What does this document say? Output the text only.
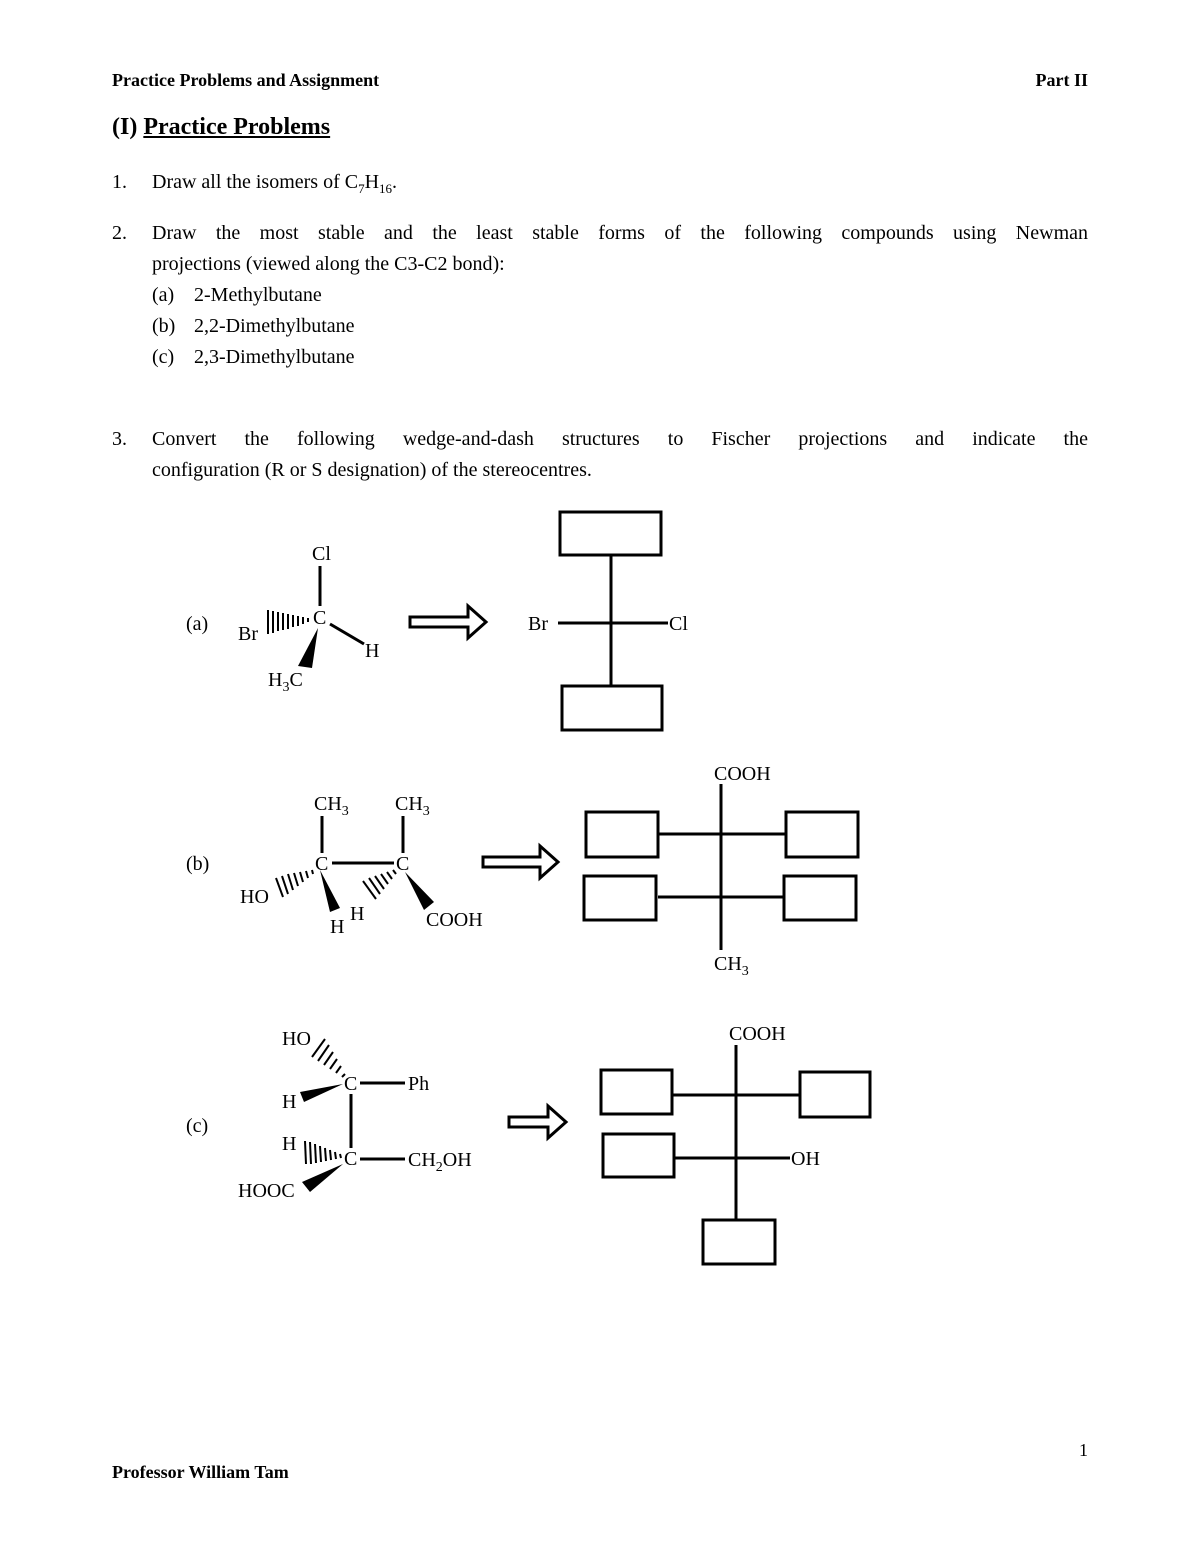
Practice Problems and Assignment	Part II
(I) Practice Problems
1. Draw all the isomers of $C_7H_{16}$.
2. Draw the most stable and the least stable forms of the following compounds using Newman
projections (viewed along the C3-C2 bond):
(a) 2-Methylbutane
(b) 2,2-Dimethylbutane
(c) 2,3-Dimethylbutane
3. Convert the following wedge-and-dash structures to Fischer projections and indicate the
configuration (R or S designation) of the stereocentres.
(a)
Cl
C
Br
H
$H_3C$
Br	Cl
(b)
$CH_3$ $CH_3$
C	C
HO
H
H	COOH
COOH
$CH_3$
(c)
HO
C	Ph
H
H
C	$CH_2OH$
HOOC
COOH
OH
1
Professor William Tam
